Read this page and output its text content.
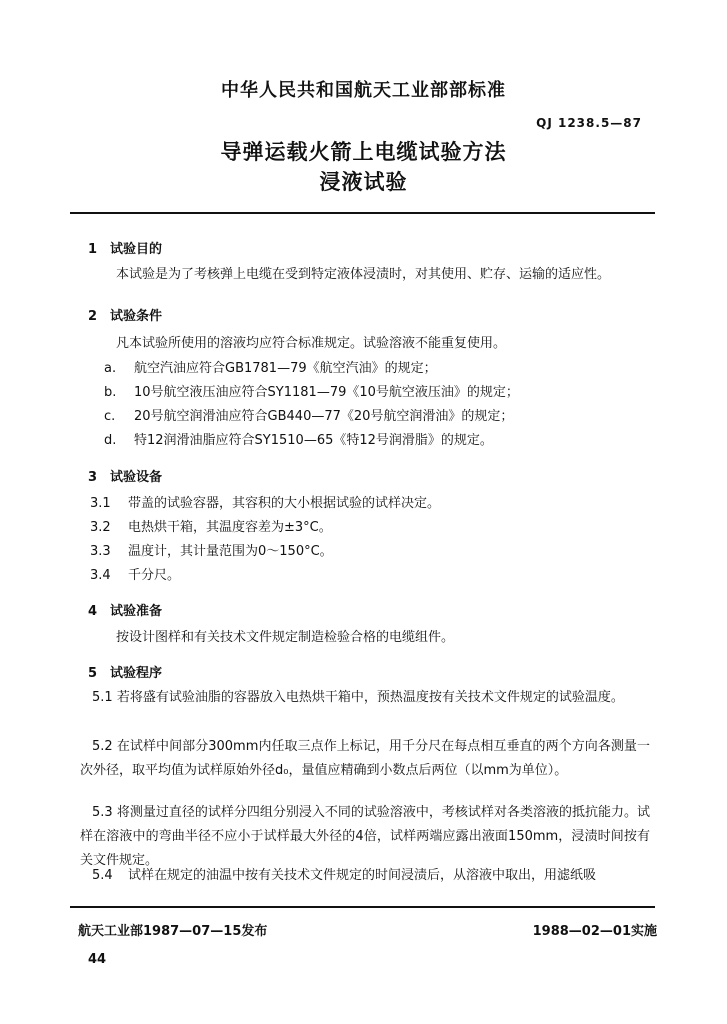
中华人民共和国航天工业部部标准
QJ 1238.5—87
导弹运载火箭上电缆试验方法
浸液试验
1 试验目的
本试验是为了考核弹上电缆在受到特定液体浸渍时，对其使用、贮存、运输的适应性。
2 试验条件
凡本试验所使用的溶液均应符合标准规定。试验溶液不能重复使用。
a. 航空汽油应符合GB1781—79《航空汽油》的规定；
b. 10号航空液压油应符合SY1181—79《10号航空液压油》的规定；
c. 20号航空润滑油应符合GB440—77《20号航空润滑油》的规定；
d. 特12润滑油脂应符合SY1510—65《特12号润滑脂》的规定。
3 试验设备
3.1 带盖的试验容器，其容积的大小根据试验的试样决定。
3.2 电热烘干箱，其温度容差为±3°C。
3.3 温度计，其计量范围为0～150°C。
3.4 千分尺。
4 试验准备
按设计图样和有关技术文件规定制造检验合格的电缆组件。
5 试验程序
5.1 若将盛有试验油脂的容器放入电热烘干箱中，预热温度按有关技术文件规定的试验温度。
5.2 在试样中间部分300mm内任取三点作上标记，用千分尺在每点相互垂直的两个方向各测量一次外径，取平均值为试样原始外径d₀，量值应精确到小数点后两位（以mm为单位）。
5.3 将测量过直径的试样分四组分别浸入不同的试验溶液中，考核试样对各类溶液的抵抗能力。试样在溶液中的弯曲半径不应小于试样最大外径的4倍，试样两端应露出液面150mm，浸渍时间按有关文件规定。
5.4 试样在规定的油温中按有关技术文件规定的时间浸渍后，从溶液中取出，用滤纸吸
航天工业部1987—07—15发布	1988—02—01实施
44
